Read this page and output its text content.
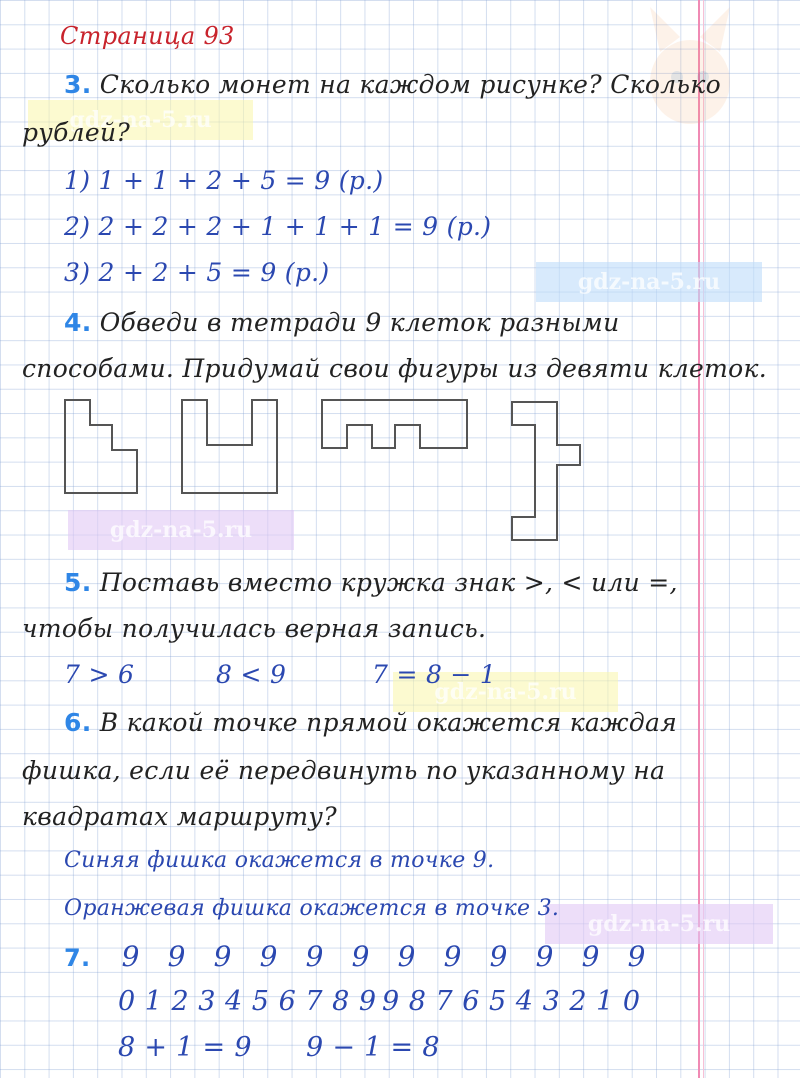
gdz-na-5.ru
gdz-na-5.ru
gdz-na-5.ru
gdz-na-5.ru
gdz-na-5.ru
Страница 93
3. Сколько монет на каждом рисунке? Сколько
рублей?
1) 1 + 1 + 2 + 5 = 9 (р.)
2) 2 + 2 + 2 + 1 + 1 + 1 = 9 (р.)
3) 2 + 2 + 5 = 9 (р.)
4. Обведи в тетради 9 клеток разными
способами. Придумай свои фигуры из девяти клеток.
5. Поставь вместо кружка знак >, < или =,
чтобы получилась верная запись.
7 > 6	8 < 9	7 = 8 − 1
6. В какой точке прямой окажется каждая
фишка, если её передвинуть по указанному на
квадратах маршруту?
Синяя фишка окажется в точке 9.
Оранжевая фишка окажется в точке 3.
7. 9 9 9 9 9 9 9 9 9 9 9 9
0 1 2 3 4 5 6 7 8 9 9 8 7 6 5 4 3 2 1 0
8 + 1 = 9 9 − 1 = 8
